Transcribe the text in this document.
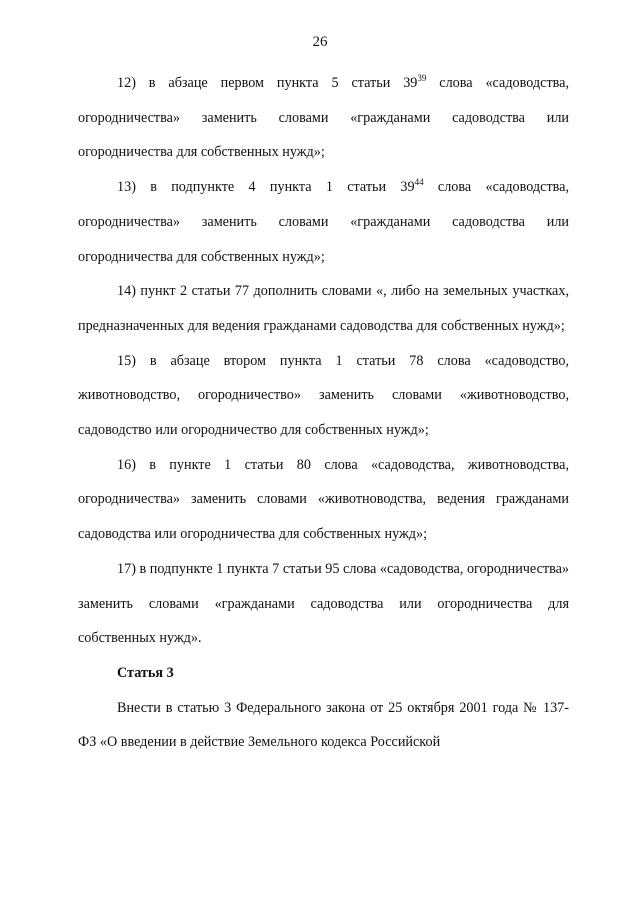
26

12) в абзаце первом пункта 5 статьи $39^{39}$ слова «садоводства, огородничества» заменить словами «гражданами садоводства или огородничества для собственных нужд»;

13) в подпункте 4 пункта 1 статьи $39^{44}$ слова «садоводства, огородничества» заменить словами «гражданами садоводства или огородничества для собственных нужд»;

14) пункт 2 статьи 77 дополнить словами «, либо на земельных участках, предназначенных для ведения гражданами садоводства для собственных нужд»;

15) в абзаце втором пункта 1 статьи 78 слова «садоводство, животноводство, огородничество» заменить словами «животноводство, садоводство или огородничество для собственных нужд»;

16) в пункте 1 статьи 80 слова «садоводства, животноводства, огородничества» заменить словами «животноводства, ведения гражданами садоводства или огородничества для собственных нужд»;

17) в подпункте 1 пункта 7 статьи 95 слова «садоводства, огородничества» заменить словами «гражданами садоводства или огородничества для собственных нужд».

Статья 3

Внести в статью 3 Федерального закона от 25 октября 2001 года № 137-ФЗ «О введении в действие Земельного кодекса Российской
